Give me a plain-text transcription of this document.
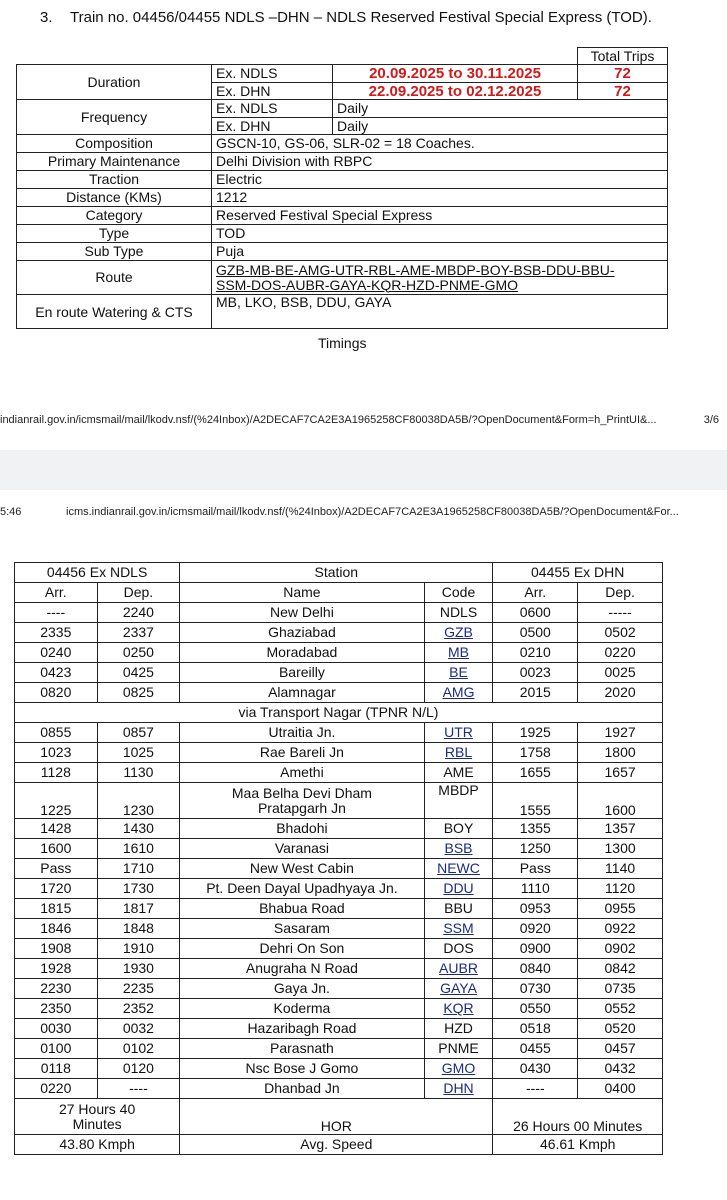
3. Train no. 04456/04455 NDLS –DHN – NDLS Reserved Festival Special Express (TOD).
			Total Trips
Duration	Ex. NDLS	20.09.2025 to 30.11.2025	72
	Ex. DHN	22.09.2025 to 02.12.2025	72
Frequency	Ex. NDLS	Daily	
	Ex. DHN	Daily	
Composition	GSCN-10, GS-06, SLR-02 = 18 Coaches.		
Primary Maintenance	Delhi Division with RBPC		
Traction	Electric		
Distance (KMs)	1212		
Category	Reserved Festival Special Express		
Type	TOD		
Sub Type	Puja		
Route	GZB-MB-BE-AMG-UTR-RBL-AME-MBDP-BOY-BSB-DDU-BBU-
SSM-DOS-AUBR-GAYA-KQR-HZD-PNME-GMO		

En route Watering & CTS	MB, LKO, BSB, DDU, GAYA		
Timings
indianrail.gov.in/icmsmail/mail/lkodv.nsf/(%24Inbox)/A2DECAF7CA2E3A1965258CF80038DA5B/?OpenDocument&Form=h_PrintUI&...	3/6
5:46	icms.indianrail.gov.in/icmsmail/mail/lkodv.nsf/(%24Inbox)/A2DECAF7CA2E3A1965258CF80038DA5B/?OpenDocument&For...
04456 Ex NDLS		Station		04455 Ex DHN	
Arr.	Dep.	Name	Code	Arr.	Dep.
----	2240	New Delhi	NDLS	0600	-----
2335	2337	Ghaziabad	GZB	0500	0502
0240	0250	Moradabad	MB	0210	0220
0423	0425	Bareilly	BE	0023	0025
0820	0825	Alamnagar	AMG	2015	2020
via Transport Nagar (TPNR N/L)					
0855	0857	Utraitia Jn.	UTR	1925	1927
1023	1025	Rae Bareli Jn	RBL	1758	1800
1128	1130	Amethi	AME	1655	1657
1225	1230	Maa Belha Devi Dham
Pratapgarh Jn	MBDP	1555	1600
1428	1430	Bhadohi	BOY	1355	1357
1600	1610	Varanasi	BSB	1250	1300
Pass	1710	New West Cabin	NEWC	Pass	1140
1720	1730	Pt. Deen Dayal Upadhyaya Jn.	DDU	1110	1120
1815	1817	Bhabua Road	BBU	0953	0955
1846	1848	Sasaram	SSM	0920	0922
1908	1910	Dehri On Son	DOS	0900	0902
1928	1930	Anugraha N Road	AUBR	0840	0842
2230	2235	Gaya Jn.	GAYA	0730	0735
2350	2352	Koderma	KQR	0550	0552
0030	0032	Hazaribagh Road	HZD	0518	0520
0100	0102	Parasnath	PNME	0455	0457
0118	0120	Nsc Bose J Gomo	GMO	0430	0432
0220	----	Dhanbad Jn	DHN	----	0400

27 Hours 40
Minutes		HOR		26 Hours 00 Minutes	
43.80 Kmph		Avg. Speed		46.61 Kmph	
